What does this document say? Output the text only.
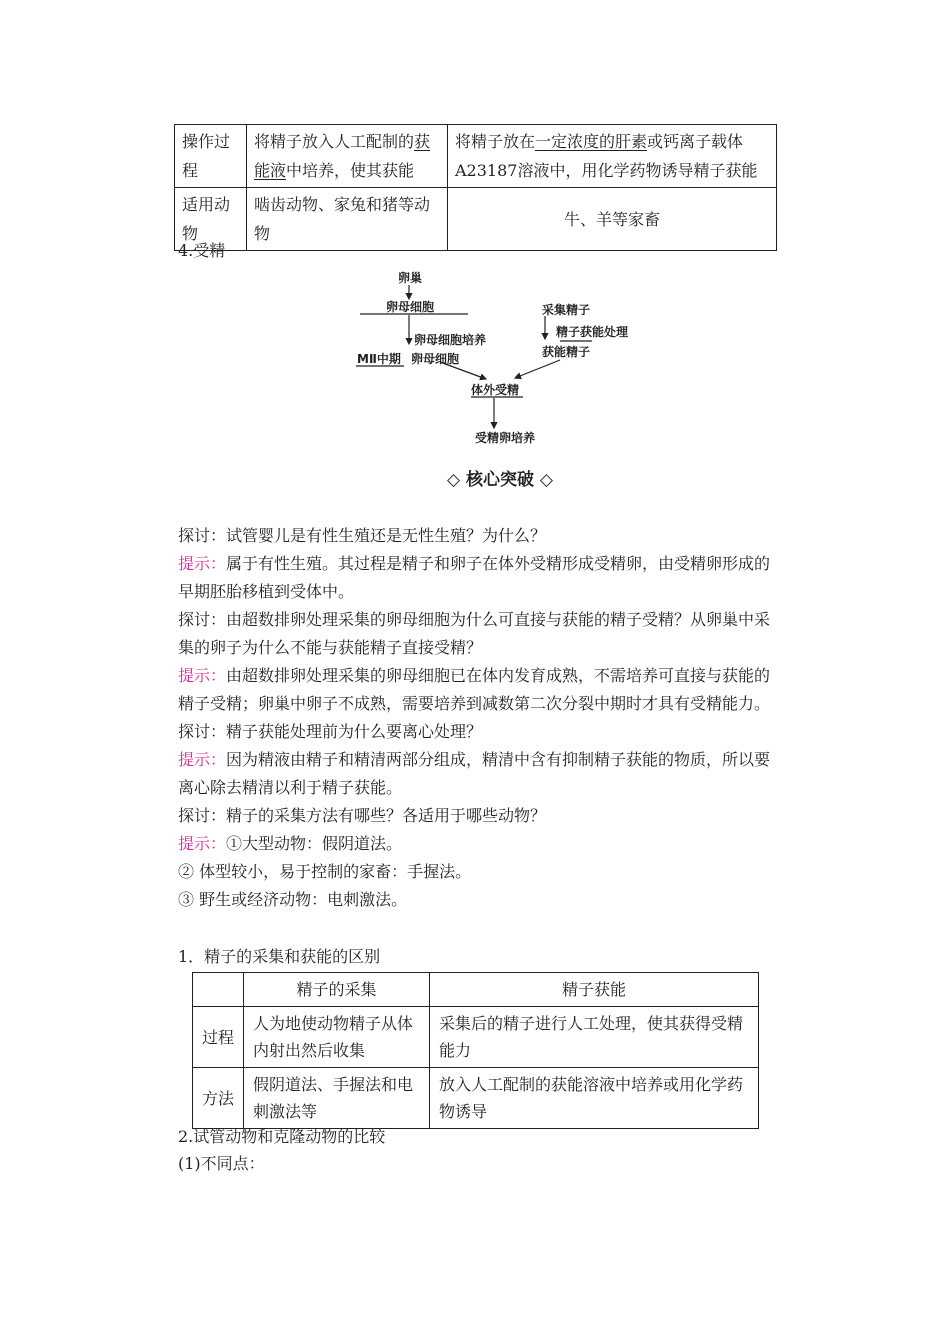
操作过程	将精子放入人工配制的获能液中培养，使其获能	将精子放在一定浓度的肝素或钙离子载体A23187溶液中，用化学药物诱导精子获能
适用动物	啮齿动物、家兔和猪等动物	牛、羊等家畜
4.受精
卵巢
卵母细胞
卵母细胞培养
MⅡ中期 卵母细胞
采集精子
精子获能处理
获能精子
体外受精
受精卵培养
◇ 核心突破 ◇
探讨：试管婴儿是有性生殖还是无性生殖？为什么？
提示：属于有性生殖。其过程是精子和卵子在体外受精形成受精卵，由受精卵形成的
早期胚胎移植到受体中。
探讨：由超数排卵处理采集的卵母细胞为什么可直接与获能的精子受精？从卵巢中采
集的卵子为什么不能与获能精子直接受精？
提示：由超数排卵处理采集的卵母细胞已在体内发育成熟，不需培养可直接与获能的
精子受精；卵巢中卵子不成熟，需要培养到减数第二次分裂中期时才具有受精能力。
探讨：精子获能处理前为什么要离心处理？
提示：因为精液由精子和精清两部分组成，精清中含有抑制精子获能的物质，所以要
离心除去精清以利于精子获能。
探讨：精子的采集方法有哪些？各适用于哪些动物？
提示：①大型动物：假阴道法。
② 体型较小，易于控制的家畜：手握法。
③ 野生或经济动物：电刺激法。
1．精子的采集和获能的区别
	精子的采集	精子获能
过程	人为地使动物精子从体内射出然后收集	采集后的精子进行人工处理，使其获得受精能力
方法	假阴道法、手握法和电刺激法等	放入人工配制的获能溶液中培养或用化学药物诱导
2.试管动物和克隆动物的比较
(1)不同点：
